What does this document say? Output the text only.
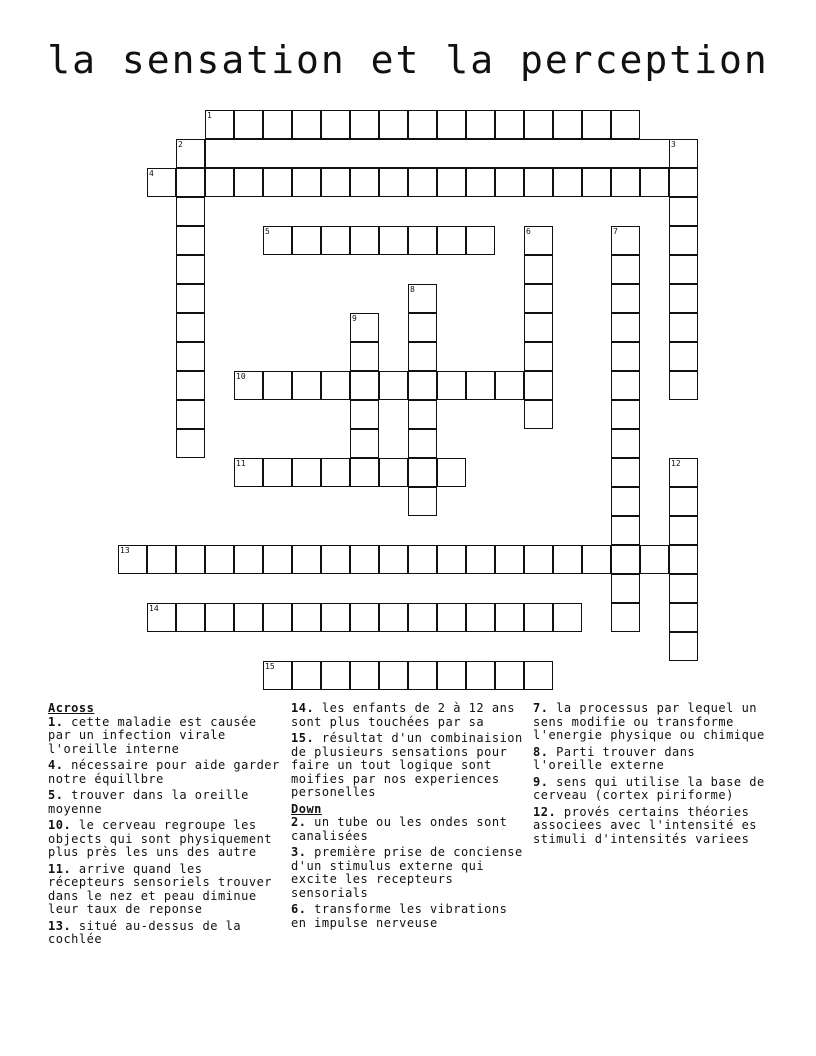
la sensation et la perception
1
2	3
4
5	6	7
8
9
10
11	12
13
14
15
Across
1. cette maladie est causée par un infection virale l'oreille interne
4. nécessaire pour aide garder notre équillbre
5. trouver dans la oreille moyenne
10. le cerveau regroupe les objects qui sont physiquement plus près les uns des autre
11. arrive quand les récepteurs sensoriels trouver dans le nez et peau diminue leur taux de reponse
13. situé au-dessus de la cochlée
14. les enfants de 2 à 12 ans sont plus touchées par sa
15. résultat d'un combinaision de plusieurs sensations pour faire un tout logique sont moifies par nos experiences personelles
Down
2. un tube ou les ondes sont canalisées
3. première prise de conciense d'un stimulus externe qui excite les recepteurs sensorials
6. transforme les vibrations en impulse nerveuse
7. la processus par lequel un sens modifie ou transforme l'energie physique ou chimique
8. Parti trouver dans l'oreille externe
9. sens qui utilise la base de cerveau (cortex piriforme)
12. provés certains théories associees avec l'intensité es stimuli d'intensités variees
